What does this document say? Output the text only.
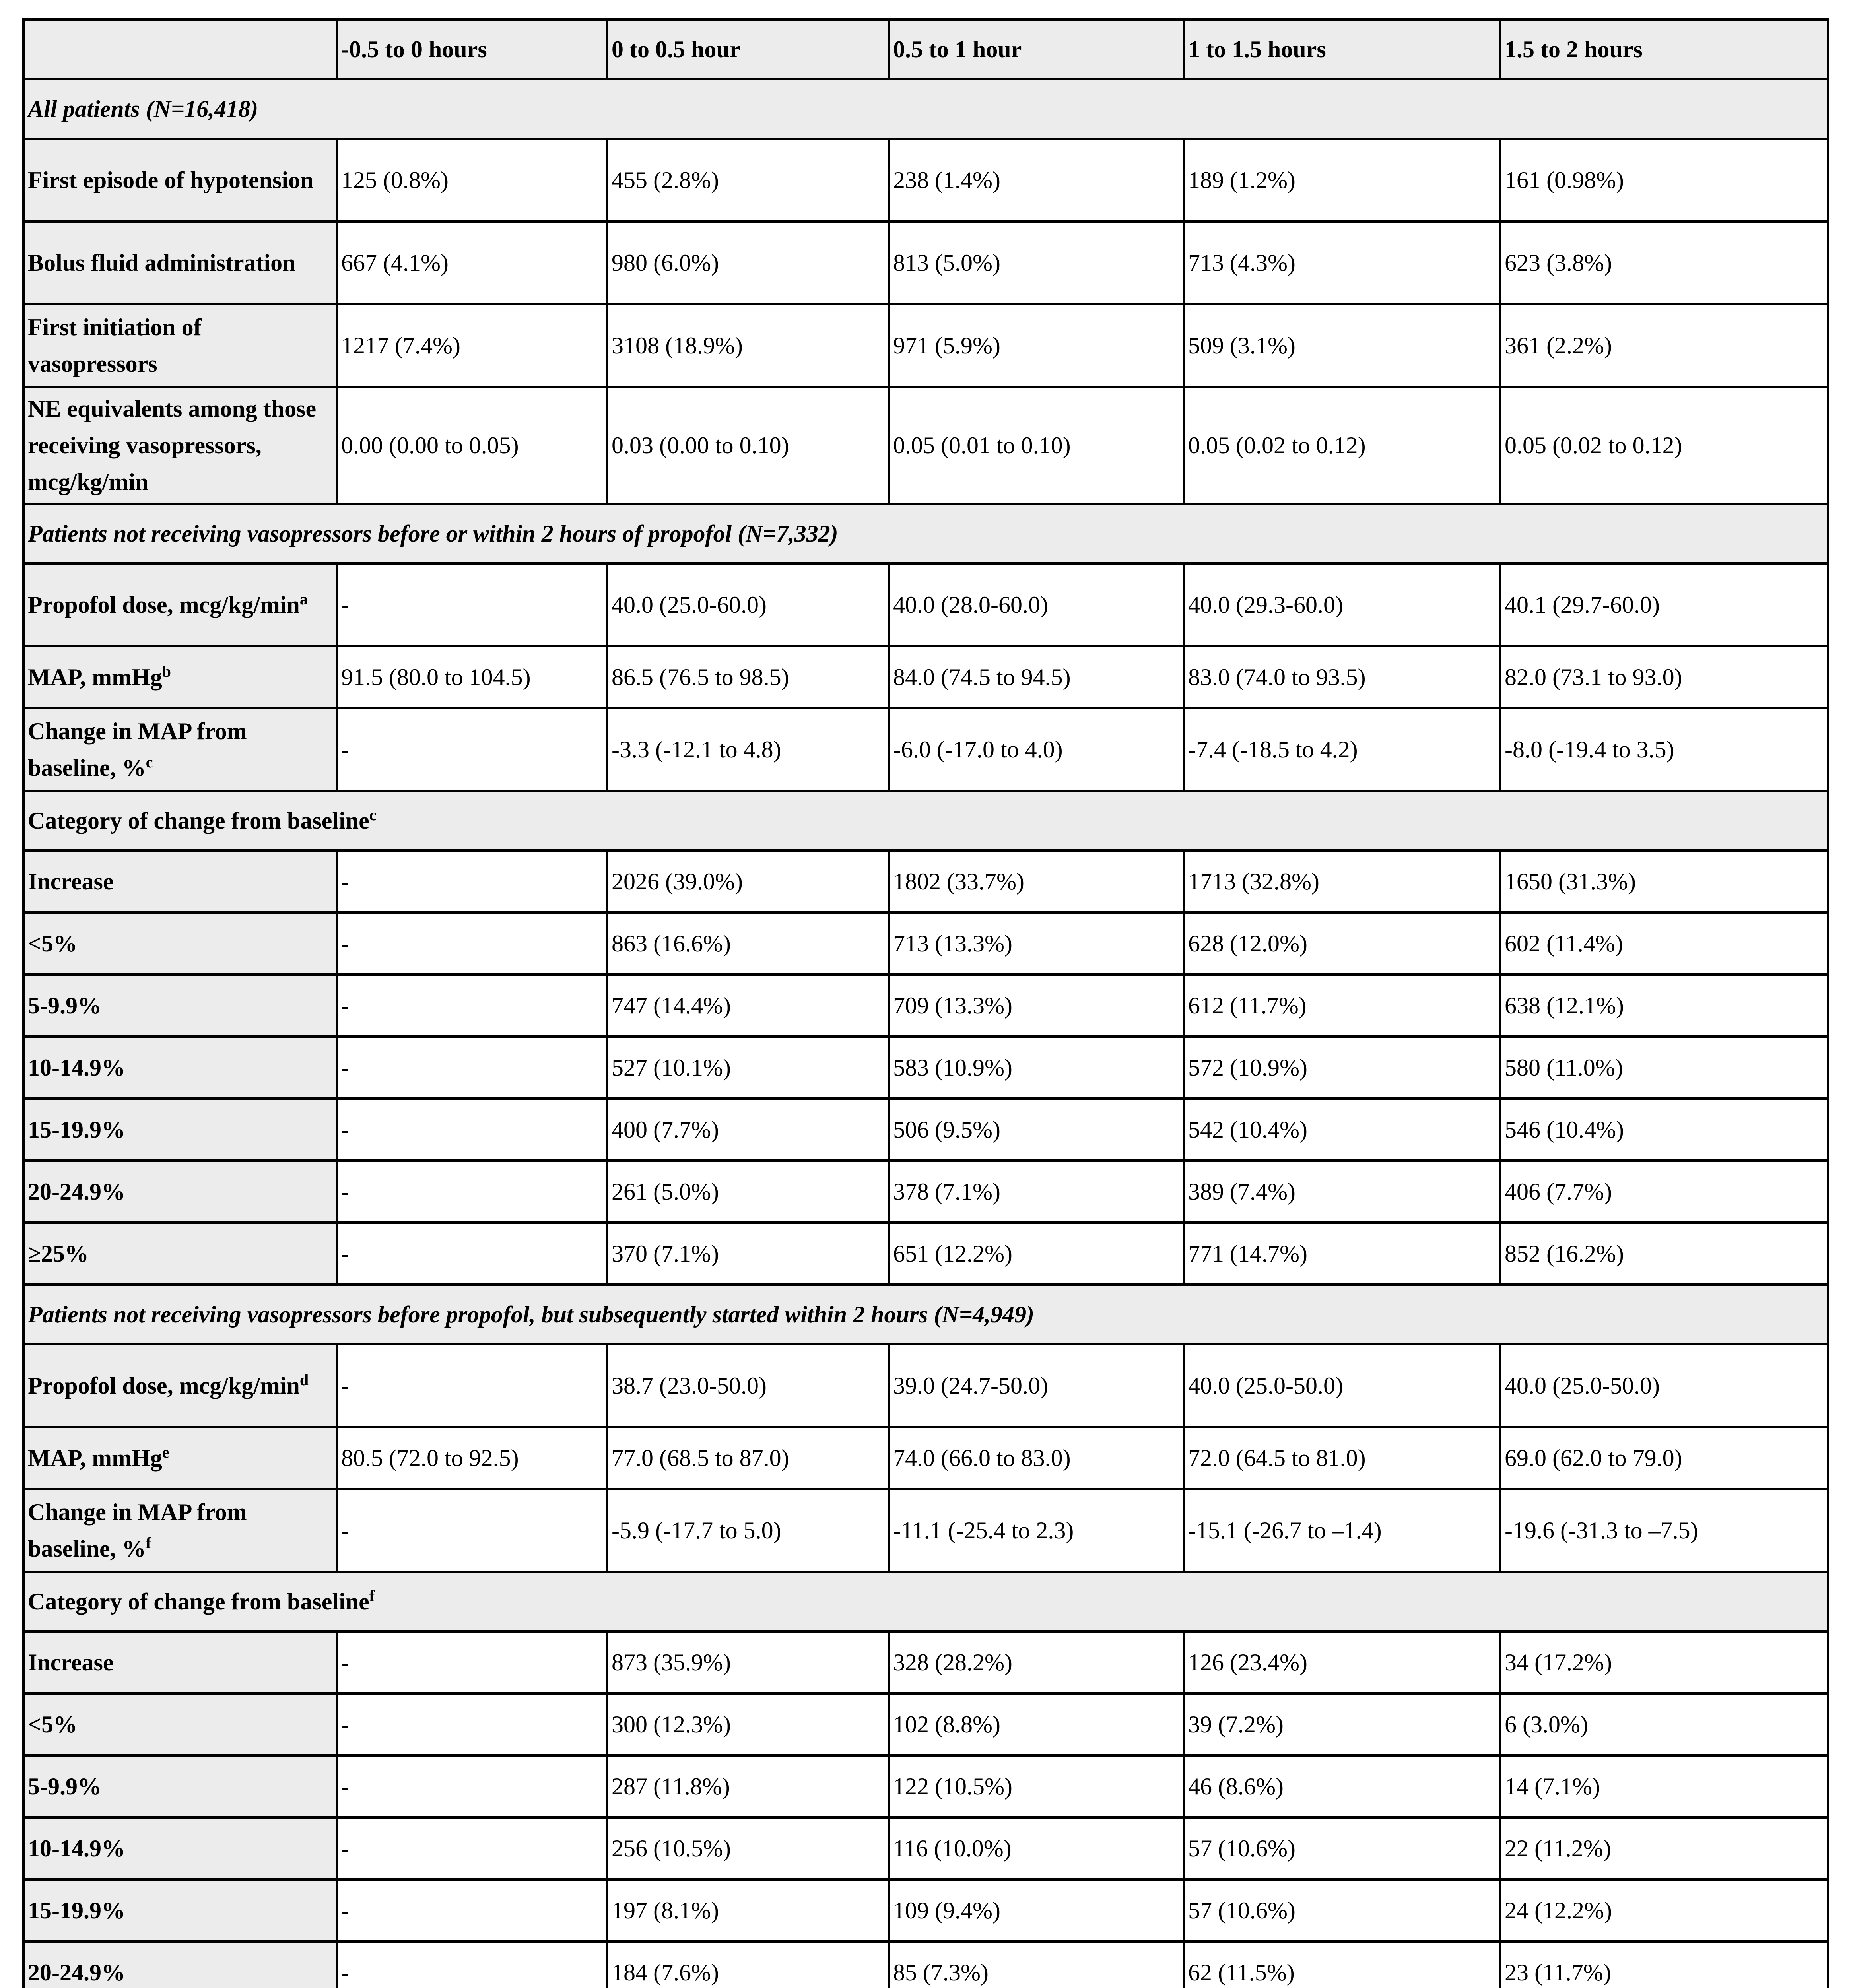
	-0.5 to 0 hours	0 to 0.5 hour	0.5 to 1 hour	1 to 1.5 hours	1.5 to 2 hours
All patients (N=16,418)					
First episode of hypotension	125 (0.8%)	455 (2.8%)	238 (1.4%)	189 (1.2%)	161 (0.98%)
Bolus fluid administration	667 (4.1%)	980 (6.0%)	813 (5.0%)	713 (4.3%)	623 (3.8%)
First initiation of vasopressors	1217 (7.4%)	3108 (18.9%)	971 (5.9%)	509 (3.1%)	361 (2.2%)
NE equivalents among those receiving vasopressors, mcg/kg/min	0.00 (0.00 to 0.05)	0.03 (0.00 to 0.10)	0.05 (0.01 to 0.10)	0.05 (0.02 to 0.12)	0.05 (0.02 to 0.12)
Patients not receiving vasopressors before or within 2 hours of propofol (N=7,332)					
Propofol dose, mcg/$kg/\min^a$	-	40.0 (25.0-60.0)	40.0 (28.0-60.0)	40.0 (29.3-60.0)	40.1 (29.7-60.0)
MAP, mmHg$^b$	91.5 (80.0 to 104.5)	86.5 (76.5 to 98.5)	84.0 (74.5 to 94.5)	83.0 (74.0 to 93.5)	82.0 (73.1 to 93.0)
Change in MAP from baseline, %$^c$	-	-3.3 (-12.1 to 4.8)	-6.0 (-17.0 to 4.0)	-7.4 (-18.5 to 4.2)	-8.0 (-19.4 to 3.5)
Category of change from baseline$^c$
Increase	-	2026 (39.0%)	1802 (33.7%)	1713 (32.8%)	1650 (31.3%)
<5%	-	863 (16.6%)	713 (13.3%)	628 (12.0%)	602 (11.4%)
5-9.9%	-	747 (14.4%)	709 (13.3%)	612 (11.7%)	638 (12.1%)
10-14.9%	-	527 (10.1%)	583 (10.9%)	572 (10.9%)	580 (11.0%)
15-19.9%	-	400 (7.7%)	506 (9.5%)	542 (10.4%)	546 (10.4%)
20-24.9%	-	261 (5.0%)	378 (7.1%)	389 (7.4%)	406 (7.7%)
≥25%	-	370 (7.1%)	651 (12.2%)	771 (14.7%)	852 (16.2%)
Patients not receiving vasopressors before propofol, but subsequently started within 2 hours (N=4,949)					
Propofol dose, mcg/$kg/\min^d$	-	38.7 (23.0-50.0)	39.0 (24.7-50.0)	40.0 (25.0-50.0)	40.0 (25.0-50.0)
MAP, mmHg$^e$	80.5 (72.0 to 92.5)	77.0 (68.5 to 87.0)	74.0 (66.0 to 83.0)	72.0 (64.5 to 81.0)	69.0 (62.0 to 79.0)
Change in MAP from baseline, %$^f$	-	-5.9 (-17.7 to 5.0)	-11.1 (-25.4 to 2.3)	-15.1 (-26.7 to –1.4)	-19.6 (-31.3 to –7.5)
Category of change from baseline$^f$
Increase	-	873 (35.9%)	328 (28.2%)	126 (23.4%)	34 (17.2%)
<5%	-	300 (12.3%)	102 (8.8%)	39 (7.2%)	6 (3.0%)
5-9.9%	-	287 (11.8%)	122 (10.5%)	46 (8.6%)	14 (7.1%)
10-14.9%	-	256 (10.5%)	116 (10.0%)	57 (10.6%)	22 (11.2%)
15-19.9%	-	197 (8.1%)	109 (9.4%)	57 (10.6%)	24 (12.2%)
20-24.9%	-	184 (7.6%)	85 (7.3%)	62 (11.5%)	23 (11.7%)
